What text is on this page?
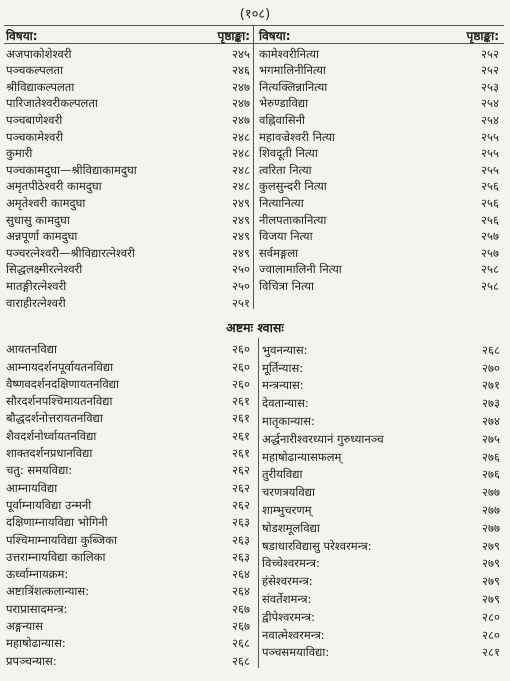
(१०८)
विषया:	पृष्ठाङ्का: विषया:	पृष्ठाङ्का:
अजपाकोशेश्वरी	२४५
पञ्चकल्पलता	२४६
श्रीविद्याकल्पलता	२४७
पारिजातेश्वरीकल्पलता	२४७
पञ्चबाणेश्वरी	२४७
पञ्चकामेश्वरी	२४८
कुमारी	२४८
पञ्चकामदुघा—श्रीविद्याकामदुघा	२४८
अमृतपीठेश्वरी कामदुघा	२४८
अमृतेश्वरी कामदुघा	२४९
सुधासु कामदुघा	२४९
अन्नपूर्णा कामदुघा	२४९
पञ्चरत्नेश्वरी—श्रीविद्यारत्नेश्वरी	२४९
सिद्धलक्ष्मीरत्नेश्वरी	२५०
मातङ्गीरत्नेश्वरी	२५०
वाराहीरत्नेश्वरी	२५१
कामेश्वरीनित्या	२५२
भगमालिनीनित्या	२५२
नित्यक्लिन्नानित्या	२५३
भेरुण्डाविद्या	२५४
वह्निवासिनी	२५४
महावज्रेश्वरी नित्या	२५५
शिवदूती नित्या	२५५
त्वरिता नित्या	२५५
कुलसुन्दरी नित्या	२५६
नित्यानित्या	२५६
नीलपताकानित्या	२५६
विजया नित्या	२५७
सर्वमङ्गला	२५७
ज्वालामालिनी नित्या	२५८
विचित्रा नित्या	२५८
अष्टमः श्वासः
आयतनविद्या	२६०
आम्नायदर्शनपूर्वायतनविद्या	२६०
वैष्णवदर्शनदक्षिणायतनविद्या	२६०
सौरदर्शनपश्चिमायतनविद्या	२६१
बौद्धदर्शनोत्तरायतनविद्या	२६१
शैवदर्शनोर्ध्वायतनविद्या	२६१
शाक्तदर्शनप्रधानविद्या	२६१
चतु: समयविद्या:	२६२
आम्नायविद्या	२६२
पूर्वाम्नायविद्या उन्मनी	२६२
दक्षिणाम्नायविद्या भोगिनी	२६३
पश्चिमाम्नायविद्या कुब्जिका	२६३
उत्तराम्नायविद्या कालिका	२६३
ऊर्ध्वाम्नायक्रम:	२६४
अष्टात्रिंशत्कलान्यास:	२६४
पराप्रासादमन्त्र:	२६७
अङ्गन्यास	२६७
महाषोढान्यास:	२६८
प्रपञ्चन्यास:	२६८
भुवनन्यास:	२६८
मूर्तिन्यास:	२७०
मन्त्रन्यास:	२७१
देवतान्यास:	२७३
मातृकान्यास:	२७४
अर्द्धनारीश्वरध्यानं गुरुध्यानञ्च	२७५
महाषोढान्यासफलम्	२७६
तुरीयविद्या	२७६
चरणत्रयविद्या	२७७
शाम्भुचरणम्	२७७
षोडशमूलविद्या	२७७
षडाधारविद्यासु परेश्वरमन्त्र:	२७९
विच्चेश्वरमन्त्र:	२७९
हंसेश्वरमन्त्र:	२७९
संवर्तेशमन्त्र:	२७९
द्वीपेश्वरमन्त्र:	२८०
नवात्मेश्वरमन्त्र:	२८०
पञ्चसमयाविद्या:	२८१
